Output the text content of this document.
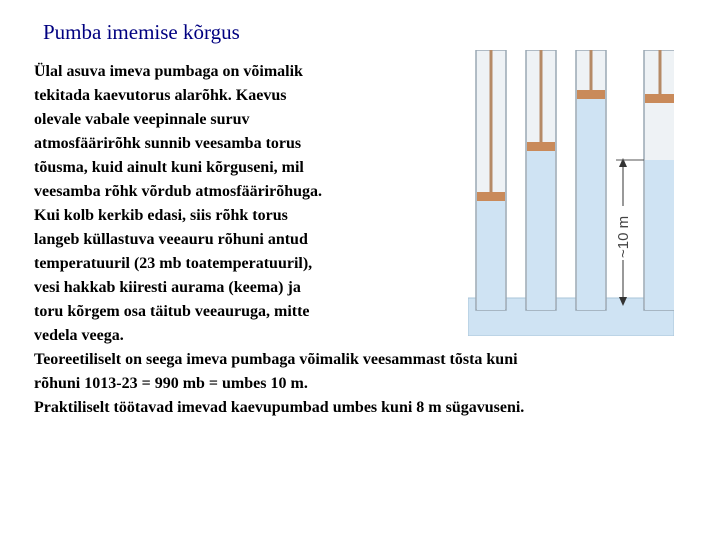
Pumba imemise kõrgus
Ülal asuva imeva pumbaga on võimalik
tekitada kaevutorus alarõhk. Kaevus
olevale vabale veepinnale suruv
atmosfäärirõhk sunnib veesamba torus
tõusma, kuid ainult kuni kõrguseni, mil
veesamba rõhk võrdub atmosfäärirõhuga.
Kui kolb kerkib edasi, siis rõhk torus
langeb küllastuva veeauru rõhuni antud
temperatuuril (23 mb toatemperatuuril),
vesi hakkab kiiresti aurama (keema) ja
toru kõrgem osa täitub veeauruga, mitte
vedela veega.
Teoreetiliselt on seega imeva pumbaga võimalik veesammast tõsta kuni
rõhuni 1013-23 = 990 mb = umbes 10 m.
Praktiliselt töötavad imevad kaevupumbad umbes kuni 8 m sügavuseni.
~10 m
